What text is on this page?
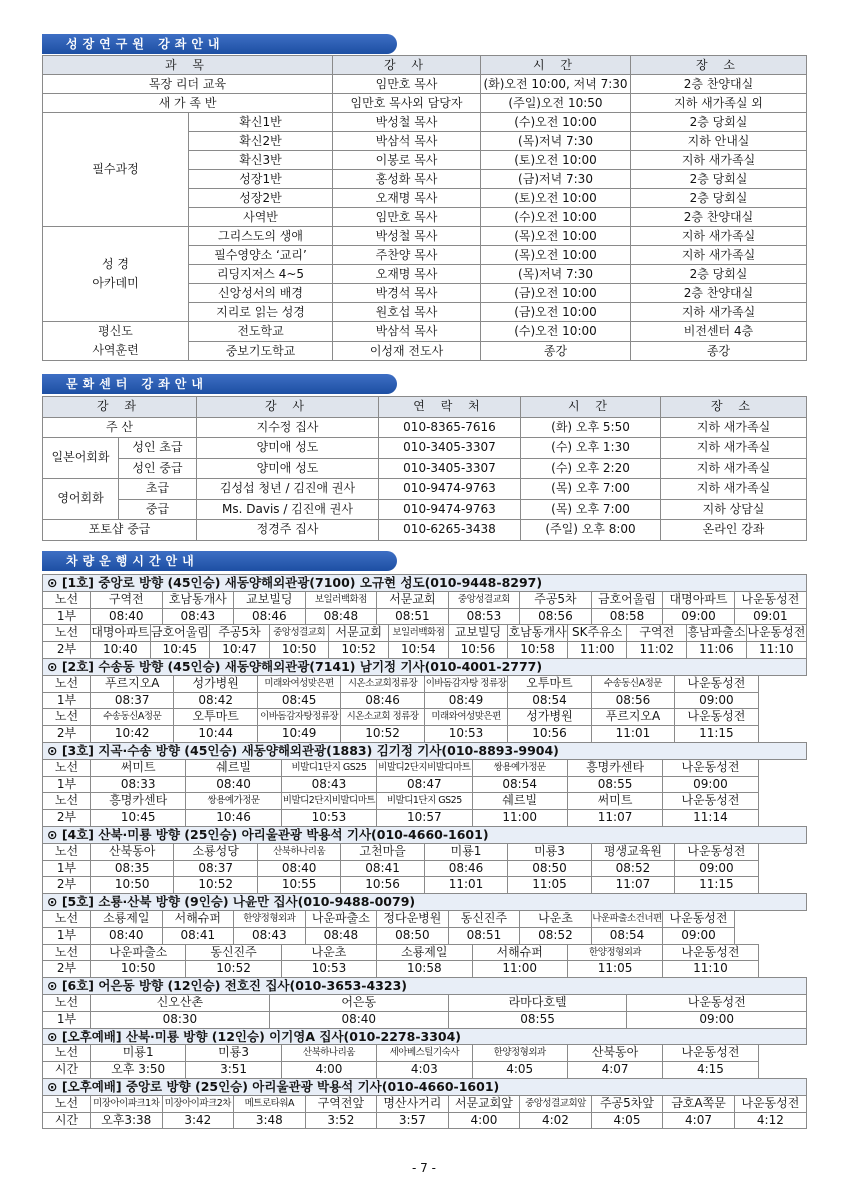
성장연구원 강좌안내
과 목		강 사	시 간	장 소
목장 리더 교육		임만호 목사	(화)오전 10:00, 저녁 7:30	2층 찬양대실
새 가 족 반		임만호 목사외 담당자	(주일)오전 10:50	지하 새가족실 외
필수과정	확신1반	박성철 목사	(수)오전 10:00	2층 당회실
	확신2반	박삼석 목사	(목)저녁 7:30	지하 안내실
	확신3반	이봉로 목사	(토)오전 10:00	지하 새가족실
	성장1반	홍성화 목사	(금)저녁 7:30	2층 당회실
	성장2반	오재명 목사	(토)오전 10:00	2층 당회실
	사역반	임만호 목사	(수)오전 10:00	2층 찬양대실
성 경
아카데미	그리스도의 생애	박성철 목사	(목)오전 10:00	지하 새가족실
	필수영양소 ‘교리’	주찬양 목사	(목)오전 10:00	지하 새가족실
	리딩지저스 4~5	오재명 목사	(목)저녁 7:30	2층 당회실
	신앙성서의 배경	박경석 목사	(금)오전 10:00	2층 찬양대실
	지리로 읽는 성경	원호섭 목사	(금)오전 10:00	지하 새가족실
평신도
사역훈련	전도학교	박삼석 목사	(수)오전 10:00	비전센터 4층
	중보기도학교	이성재 전도사	종강	종강
문화센터 강좌안내
강 좌		강 사	연 락 처	시 간	장 소
주 산		지수정 집사	010-8365-7616	(화) 오후 5:50	지하 새가족실
일본어회화	성인 초급	양미애 성도	010-3405-3307	(수) 오후 1:30	지하 새가족실
	성인 중급	양미애 성도	010-3405-3307	(수) 오후 2:20	지하 새가족실
영어회화	초급	김성섭 청년 / 김진애 권사	010-9474-9763	(목) 오후 7:00	지하 새가족실
	중급	Ms. Davis / 김진애 권사	010-9474-9763	(목) 오후 7:00	지하 상담실
포토샵 중급		정경주 집사	010-6265-3438	(주일) 오후 8:00	온라인 강좌
차량운행시간안내
⊙ [1호] 중앙로 방향 (45인승) 새동양해외관광(7100) 오규현 성도(010-9448-8297)																												
노선	구역전		호남동개사				교보빌딩				보일러백화점			서문교회			중앙성결교회			주공5차		금호어울림		대명아파트			나운동성전	
1부	08:40		08:43				08:46				08:48			08:51			08:53			08:56		08:58		09:00			09:01	
노선	대명아파트	금호어울림				주공5차			중앙성결교회			서문교회			보일러백화점		교보빌딩		호남동개사		SK주유소		구역전			흥남파출소		나운동성전
2부	10:40	10:45				10:47			10:50			10:52			10:54		10:56		10:58		11:00		11:02			11:06		11:10
⊙ [2호] 수송동 방향 (45인승) 새동양해외관광(7141) 남기정 기사(010-4001-2777)																												
노선	푸르지오A			성가병원				미래와여성맞은편					시온소교회정류장			이바돔감자탕 정류장			오투마트			수송동신A정문			나운동성전			
1부	08:37			08:42				08:45					08:46			08:49			08:54			08:56			09:00			
노선	수송동신A정문			오투마트				이바돔감자탕정류장					시온소교회 정류장			미래와여성맞은편			성가병원			푸르지오A			나운동성전			
2부	10:42			10:44				10:49					10:52			10:53			10:56			11:01			11:15			
⊙ [3호] 지곡·수송 방향 (45인승) 새동양해외관광(1883) 김기정 기사(010-8893-9904)																												
노선	써미트				쉐르빌					비발디1단지 GS25				비발디2단지비발디마트				쌍용예가정문			흥명카센타			나운동성전				
1부	08:33				08:40					08:43				08:47				08:54			08:55			09:00				
노선	흥명카센타				쌍용예가정문					비발디2단지비발디마트				비발디1단지 GS25				쉐르빌			써미트			나운동성전				
2부	10:45				10:46					10:53				10:57				11:00			11:07			11:14				
⊙ [4호] 산북·미룡 방향 (25인승) 아리울관광 박용석 기사(010-4660-1601)																												
노선	산북동아			소룡성당				산북하나리움					고천마을			미룡1			미룡3			평생교육원			나운동성전			
1부	08:35			08:37				08:40					08:41			08:46			08:50			08:52			09:00			
2부	10:50			10:52				10:55					10:56			11:01			11:05			11:07			11:15			
⊙ [5호] 소룡·산북 방향 (9인승) 나윤만 집사(010-9488-0079)																												
노선	소룡제일		서해슈퍼				한양정형외과				나운파출소			정다운병원			동신진주			나운초		나운파출소건너편		나운동성전				
1부	08:40		08:41				08:43				08:48			08:50			08:51			08:52		08:54		09:00				
노선	나운파출소				동신진주					나운초				소룡제일				서해슈퍼			한양정형외과			나운동성전				
2부	10:50				10:52					10:53				10:58				11:00			11:05			11:10				
⊙ [6호] 어은동 방향 (12인승) 전호진 집사(010-3653-4323)																												
노선	신오산촌								어은동								라마다호텔						나운동성전					
1부	08:30								08:40								08:55						09:00					
⊙ [오후예배] 산북·미룡 방향 (12인승) 이기영A 집사(010-2278-3304)																												
노선	미룡1				미룡3					산북하나리움				세아베스틸기숙사				한양정형외과			산북동아			나운동성전				
시간	오후 3:50				3:51					4:00				4:03				4:05			4:07			4:15				
⊙ [오후예배] 중앙로 방향 (25인승) 아리울관광 박용석 기사(010-4660-1601)																												
노선	미장아이파크1차		미장아이파크2차				메트로타워A				구역전앞			명산사거리			서문교회앞			중앙성결교회앞		주공5차앞		금호A쪽문			나운동성전	
시간	오후3:38		3:42				3:48				3:52			3:57			4:00			4:02		4:05		4:07			4:12	
- 7 -
